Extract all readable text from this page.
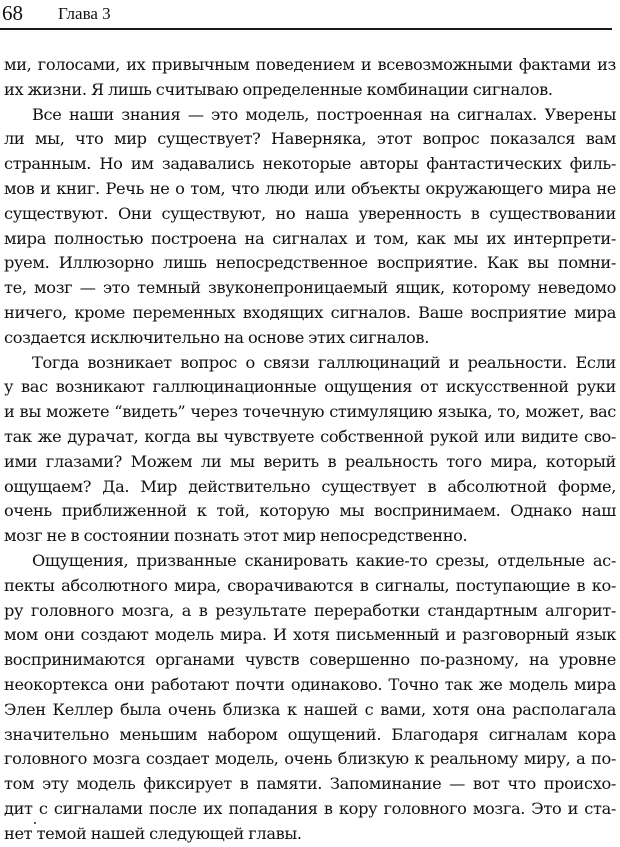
68 Глава 3
ми, голосами, их привычным поведением и всевозможными фактами из
их жизни. Я лишь считываю определенные комбинации сигналов.
Все наши знания — это модель, построенная на сигналах. Уверены
ли мы, что мир существует? Наверняка, этот вопрос показался вам
странным. Но им задавались некоторые авторы фантастических филь-
мов и книг. Речь не о том, что люди или объекты окружающего мира не
существуют. Они существуют, но наша уверенность в существовании
мира полностью построена на сигналах и том, как мы их интерпрети-
руем. Иллюзорно лишь непосредственное восприятие. Как вы помни-
те, мозг — это темный звуконепроницаемый ящик, которому неведомо
ничего, кроме переменных входящих сигналов. Ваше восприятие мира
создается исключительно на основе этих сигналов.
Тогда возникает вопрос о связи галлюцинаций и реальности. Если
у вас возникают галлюцинационные ощущения от искусственной руки
и вы можете “видеть” через точечную стимуляцию языка, то, может, вас
так же дурачат, когда вы чувствуете собственной рукой или видите сво-
ими глазами? Можем ли мы верить в реальность того мира, который
ощущаем? Да. Мир действительно существует в абсолютной форме,
очень приближенной к той, которую мы воспринимаем. Однако наш
мозг не в состоянии познать этот мир непосредственно.
Ощущения, призванные сканировать какие-то срезы, отдельные ас-
пекты абсолютного мира, сворачиваются в сигналы, поступающие в ко-
ру головного мозга, а в результате переработки стандартным алгорит-
мом они создают модель мира. И хотя письменный и разговорный язык
воспринимаются органами чувств совершенно по-разному, на уровне
неокортекса они работают почти одинаково. Точно так же модель мира
Элен Келлер была очень близка к нашей с вами, хотя она располагала
значительно меньшим набором ощущений. Благодаря сигналам кора
головного мозга создает модель, очень близкую к реальному миру, а по-
том эту модель фиксирует в памяти. Запоминание — вот что происхо-
дит с сигналами после их попадания в кору головного мозга. Это и ста-
нет темой нашей следующей главы.
